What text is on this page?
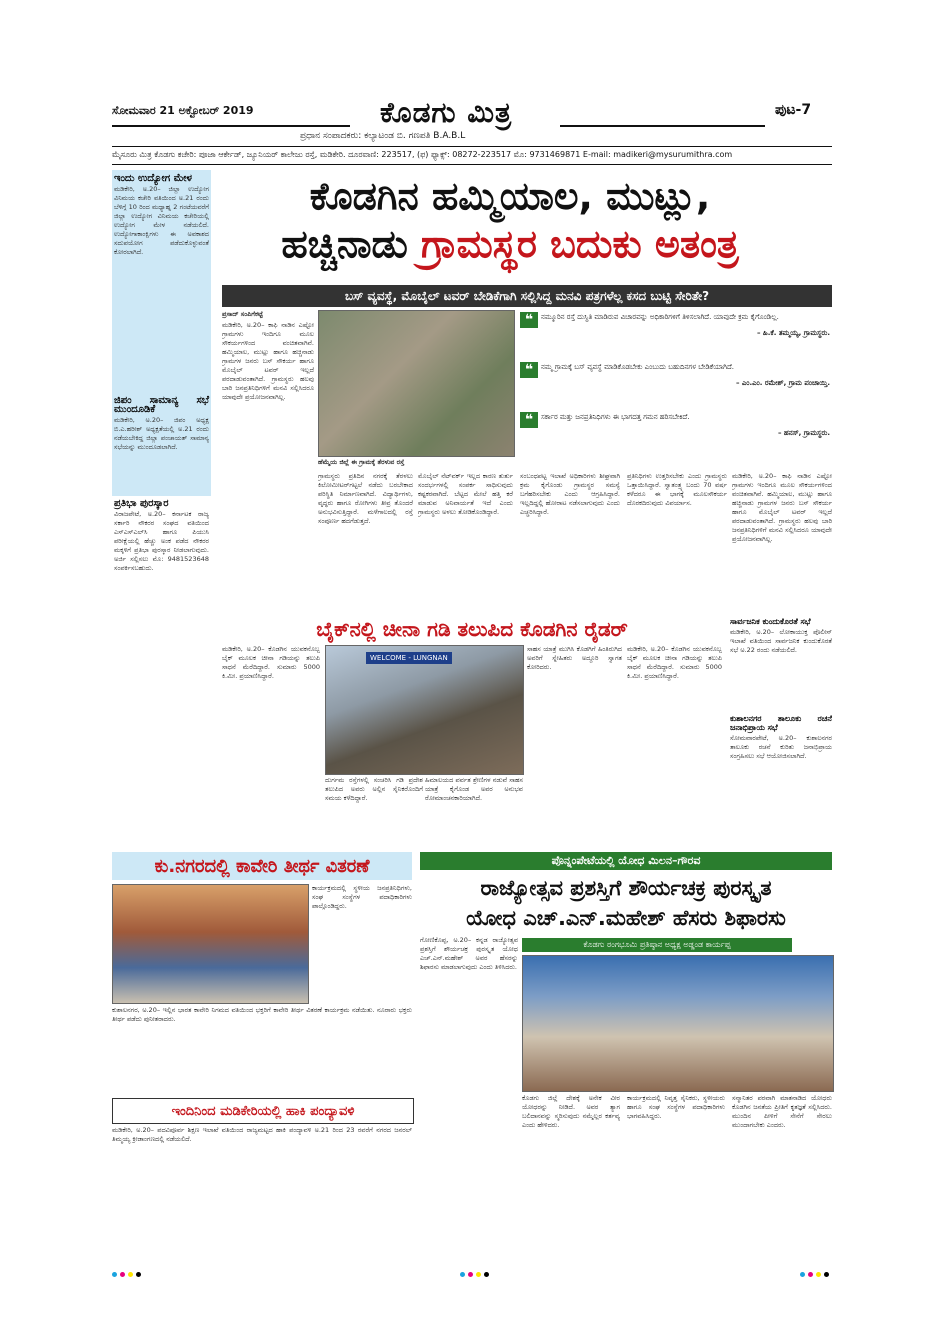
ಸೋಮವಾರ 21 ಅಕ್ಟೋಬರ್ 2019	ಕೊಡಗು ಮಿತ್ರ
ಪ್ರಧಾನ ಸಂಪಾದಕರು: ಕಲ್ಯಾಟಂಡ ಬಿ. ಗಣಪತಿ B.A.B.L
ಪುಟ-7
ಮೈಸೂರು ಮಿತ್ರ ಕೊಡಗು ಕಚೇರಿ: ಪೂಜಾ ಆರ್ಕೇಡ್, ಜ್ಯೂನಿಯರ್ ಕಾಲೇಜು ರಸ್ತೆ, ಮಡಿಕೇರಿ. ದೂರವಾಣಿ: 223517, (ಫ) ಫ್ಯಾಕ್ಸ್: 08272-223517 ಮೊ: 9731469871 E-mail: madikeri@mysurumithra.com
ಇಂದು ಉದ್ಯೋಗ ಮೇಳ

ಮಡಿಕೇರಿ, ಅ.20– ಜಿಲ್ಲಾ ಉದ್ಯೋಗ ವಿನಿಮಯ ಕಚೇರಿ ವತಿಯಿಂದ ಅ.21 ರಂದು ಬೆಳಿಗ್ಗೆ 10 ರಿಂದ ಮಧ್ಯಾಹ್ನ 2 ಗಂಟೆಯವರೆಗೆ ಜಿಲ್ಲಾ ಉದ್ಯೋಗ ವಿನಿಮಯ ಕಚೇರಿಯಲ್ಲಿ ಉದ್ಯೋಗ ಮೇಳ ನಡೆಯಲಿದೆ. ಉದ್ಯೋಗಾಕಾಂಕ್ಷಿಗಳು ಈ ಅವಕಾಶದ ಸದುಪಯೋಗ ಪಡೆದುಕೊಳ್ಳುವಂತೆ ಕೋರಲಾಗಿದೆ.

ಜಿಪಂ ಸಾಮಾನ್ಯ ಸಭೆ ಮುಂದೂಡಿಕೆ

ಮಡಿಕೇರಿ, ಅ.20– ಜಿಪಂ ಅಧ್ಯಕ್ಷ ಬಿ.ಎ.ಹರೀಶ್ ಅಧ್ಯಕ್ಷತೆಯಲ್ಲಿ ಅ.21 ರಂದು ನಡೆಯಬೇಕಿದ್ದ ಜಿಲ್ಲಾ ಪಂಚಾಯತ್ ಸಾಮಾನ್ಯ ಸಭೆಯನ್ನು ಮುಂದೂಡಲಾಗಿದೆ.

ಪ್ರತಿಭಾ ಪುರಸ್ಕಾರ

ವಿರಾಜಪೇಟೆ, ಅ.20– ಕರ್ನಾಟಕ ರಾಜ್ಯ ಸರ್ಕಾರಿ ನೌಕರರ ಸಂಘದ ವತಿಯಿಂದ ಎಸ್ಎಸ್ಎಲ್‌ಸಿ ಹಾಗೂ ಪಿಯುಸಿ ಪರೀಕ್ಷೆಯಲ್ಲಿ ಹೆಚ್ಚು ಅಂಕ ಪಡೆದ ನೌಕರರ ಮಕ್ಕಳಿಗೆ ಪ್ರತಿಭಾ ಪುರಸ್ಕಾರ ನೀಡಲಾಗುವುದು. ಅರ್ಜಿ ಸಲ್ಲಿಸಲು ಮೊ: 9481523648 ಸಂಪರ್ಕಿಸಬಹುದು.

ಕೊಡಗಿನ ಹಮ್ಮಿಯಾಲ, ಮುಟ್ಲು,
ಹಚ್ಚಿನಾಡು ಗ್ರಾಮಸ್ಥರ ಬದುಕು ಅತಂತ್ರ
ಬಸ್ ವ್ಯವಸ್ಥೆ, ಮೊಬೈಲ್ ಟವರ್ ಬೇಡಿಕೆಗಾಗಿ ಸಲ್ಲಿಸಿದ್ದ ಮನವಿ ಪತ್ರಗಳೆಲ್ಲ ಕಸದ ಬುಟ್ಟಿ ಸೇರಿತೇ?

ಪ್ರಸಾದ್ ಸಂಪಿಗೆಕಟ್ಟೆ

ಮಡಿಕೇರಿ, ಅ.20– ಕಾಫಿ ನಾಡಿನ ಎಷ್ಟೋ ಗ್ರಾಮಗಳು ಇಂದಿಗೂ ಮೂಲ ಸೌಕರ್ಯಗಳಿಂದ ವಂಚಿತವಾಗಿವೆ. ಹಮ್ಮಿಯಾಲ, ಮುಟ್ಲು ಹಾಗೂ ಹಚ್ಚಿನಾಡು ಗ್ರಾಮಗಳ ಜನರು ಬಸ್ ಸೌಕರ್ಯ ಹಾಗೂ ಮೊಬೈಲ್ ಟವರ್ ಇಲ್ಲದೆ ಪರದಾಡುವಂತಾಗಿದೆ. ಗ್ರಾಮಸ್ಥರು ಹಲವು ಬಾರಿ ಜನಪ್ರತಿನಿಧಿಗಳಿಗೆ ಮನವಿ ಸಲ್ಲಿಸಿದರೂ ಯಾವುದೇ ಪ್ರಯೋಜನವಾಗಿಲ್ಲ.

ಹೆಮ್ಮೆಯ ಜಿಲ್ಲೆ ಈ ಗ್ರಾಮಕ್ಕೆ ತೆರಳುವ ರಸ್ತೆ
❝ ನಮ್ಮೂರಿನ ರಸ್ತೆ ದುಸ್ಥಿತಿ ಮಾಡಿರುವ ವಿಚಾರವನ್ನು ಅಧಿಕಾರಿಗಳಿಗೆ ತಿಳಿಸಲಾಗಿದೆ. ಯಾವುದೇ ಕ್ರಮ ಕೈಗೊಂಡಿಲ್ಲ.
– ಹಿ.ಕೆ. ತಮ್ಮಯ್ಯ, ಗ್ರಾಮಸ್ಥರು.
❝ ನಮ್ಮ ಗ್ರಾಮಕ್ಕೆ ಬಸ್ ವ್ಯವಸ್ಥೆ ಮಾಡಿಕೊಡಬೇಕು ಎಂಬುದು ಬಹುದಿನಗಳ ಬೇಡಿಕೆಯಾಗಿದೆ.
– ಎಂ.ಎಂ. ರಮೇಶ್, ಗ್ರಾಮ ಪಂಚಾಯ್ತಿ.
❝ ಸರ್ಕಾರ ಮತ್ತು ಜನಪ್ರತಿನಿಧಿಗಳು ಈ ಭಾಗದತ್ತ ಗಮನ ಹರಿಸಬೇಕಿದೆ.
– ಹನಸ್, ಗ್ರಾಮಸ್ಥರು.
ಗ್ರಾಮಸ್ಥರು ಪ್ರತಿದಿನ ನಗರಕ್ಕೆ ತೆರಳಲು ಕಿಲೋಮೀಟರ್‌ಗಟ್ಟಲೆ ನಡೆದು ಬರಬೇಕಾದ ಪರಿಸ್ಥಿತಿ ನಿರ್ಮಾಣವಾಗಿದೆ. ವಿದ್ಯಾರ್ಥಿಗಳು, ವೃದ್ಧರು ಹಾಗೂ ರೋಗಿಗಳು ತೀವ್ರ ತೊಂದರೆ ಅನುಭವಿಸುತ್ತಿದ್ದಾರೆ. ಮಳೆಗಾಲದಲ್ಲಿ ರಸ್ತೆ ಸಂಪೂರ್ಣ ಹದಗೆಡುತ್ತದೆ.
ಮೊಬೈಲ್ ನೆಟ್‌ವರ್ಕ್ ಇಲ್ಲದ ಕಾರಣ ತುರ್ತು ಸಂದರ್ಭಗಳಲ್ಲಿ ಸಂಪರ್ಕ ಸಾಧಿಸುವುದು ಕಷ್ಟಕರವಾಗಿದೆ. ಬೆಟ್ಟದ ಮೇಲೆ ಹತ್ತಿ ಕರೆ ಮಾಡುವ ಅನಿವಾರ್ಯತೆ ಇದೆ ಎಂದು ಗ್ರಾಮಸ್ಥರು ಅಳಲು ತೋಡಿಕೊಂಡಿದ್ದಾರೆ.
ಸಂಬಂಧಪಟ್ಟ ಇಲಾಖೆ ಅಧಿಕಾರಿಗಳು ಶೀಘ್ರವಾಗಿ ಕ್ರಮ ಕೈಗೊಂಡು ಗ್ರಾಮಸ್ಥರ ಸಮಸ್ಯೆ ಬಗೆಹರಿಸಬೇಕು ಎಂದು ಆಗ್ರಹಿಸಿದ್ದಾರೆ. ಇಲ್ಲದಿದ್ದಲ್ಲಿ ಹೋರಾಟ ನಡೆಸಲಾಗುವುದು ಎಂದು ಎಚ್ಚರಿಸಿದ್ದಾರೆ.
ಪ್ರತಿನಿಧಿಗಳು ಉತ್ತರಿಸಬೇಕು ಎಂದು ಗ್ರಾಮಸ್ಥರು ಒತ್ತಾಯಿಸಿದ್ದಾರೆ. ಸ್ವಾತಂತ್ರ್ಯ ಬಂದು 70 ವರ್ಷ ಕಳೆದರೂ ಈ ಭಾಗಕ್ಕೆ ಮೂಲಸೌಕರ್ಯ ದೊರಕದಿರುವುದು ವಿಪರ್ಯಾಸ.
ಮಡಿಕೇರಿ, ಅ.20– ಕಾಫಿ ನಾಡಿನ ಎಷ್ಟೋ ಗ್ರಾಮಗಳು ಇಂದಿಗೂ ಮೂಲ ಸೌಕರ್ಯಗಳಿಂದ ವಂಚಿತವಾಗಿವೆ. ಹಮ್ಮಿಯಾಲ, ಮುಟ್ಲು ಹಾಗೂ ಹಚ್ಚಿನಾಡು ಗ್ರಾಮಗಳ ಜನರು ಬಸ್ ಸೌಕರ್ಯ ಹಾಗೂ ಮೊಬೈಲ್ ಟವರ್ ಇಲ್ಲದೆ ಪರದಾಡುವಂತಾಗಿದೆ. ಗ್ರಾಮಸ್ಥರು ಹಲವು ಬಾರಿ ಜನಪ್ರತಿನಿಧಿಗಳಿಗೆ ಮನವಿ ಸಲ್ಲಿಸಿದರೂ ಯಾವುದೇ ಪ್ರಯೋಜನವಾಗಿಲ್ಲ.
ಬೈಕ್‌ನಲ್ಲಿ ಚೀನಾ ಗಡಿ ತಲುಪಿದ ಕೊಡಗಿನ ರೈಡರ್
ಮಡಿಕೇರಿ, ಅ.20– ಕೊಡಗಿನ ಯುವಕನೊಬ್ಬ ಬೈಕ್ ಮೂಲಕ ಚೀನಾ ಗಡಿಯನ್ನು ತಲುಪಿ ಸಾಧನೆ ಮೆರೆದಿದ್ದಾರೆ. ಸುಮಾರು 5000 ಕಿ.ಮೀ. ಪ್ರಯಾಣಿಸಿದ್ದಾರೆ.
WELCOME - LUNGNAN
ದುರ್ಗಮ ರಸ್ತೆಗಳಲ್ಲಿ ಸಂಚರಿಸಿ ಗಡಿ ಪ್ರದೇಶ ತಲುಪಿದ ಅವರು ಅಲ್ಲಿನ ಸೈನಿಕರೊಂದಿಗೆ ಸಮಯ ಕಳೆದಿದ್ದಾರೆ.
ಹಿಮಾಲಯದ ಪರ್ವತ ಶ್ರೇಣಿಗಳ ನಡುವೆ ಸಾಹಸ ಯಾತ್ರೆ ಕೈಗೊಂಡ ಅವರ ಅನುಭವ ರೋಮಾಂಚನಕಾರಿಯಾಗಿದೆ.
ಸಾಹಸ ಯಾತ್ರೆ ಮುಗಿಸಿ ಕೊಡಗಿಗೆ ಹಿಂತಿರುಗಿದ ಅವರಿಗೆ ಸ್ನೇಹಿತರು ಅದ್ದೂರಿ ಸ್ವಾಗತ ಕೋರಿದರು.
ಮಡಿಕೇರಿ, ಅ.20– ಕೊಡಗಿನ ಯುವಕನೊಬ್ಬ ಬೈಕ್ ಮೂಲಕ ಚೀನಾ ಗಡಿಯನ್ನು ತಲುಪಿ ಸಾಧನೆ ಮೆರೆದಿದ್ದಾರೆ. ಸುಮಾರು 5000 ಕಿ.ಮೀ. ಪ್ರಯಾಣಿಸಿದ್ದಾರೆ.
ಸಾರ್ವಜನಿಕ ಕುಂದುಕೊರತೆ ಸಭೆ

ಮಡಿಕೇರಿ, ಅ.20– ಲೋಕಾಯುಕ್ತ ಪೊಲೀಸ್ ಇಲಾಖೆ ವತಿಯಿಂದ ಸಾರ್ವಜನಿಕ ಕುಂದುಕೊರತೆ ಸಭೆ ಅ.22 ರಂದು ನಡೆಯಲಿದೆ.

ಕುಶಾಲನಗರ ತಾಲೂಕು ರಚನೆ ಜನಾಭಿಪ್ರಾಯ ಸಭೆ

ಸೋಮವಾರಪೇಟೆ, ಅ.20– ಕುಶಾಲನಗರ ತಾಲೂಕು ರಚನೆ ಕುರಿತು ಜನಾಭಿಪ್ರಾಯ ಸಂಗ್ರಹಿಸಲು ಸಭೆ ಆಯೋಜಿಸಲಾಗಿದೆ.

ಕು.ನಗರದಲ್ಲಿ ಕಾವೇರಿ ತೀರ್ಥ ವಿತರಣೆ
ಕಾರ್ಯಕ್ರಮದಲ್ಲಿ ಸ್ಥಳೀಯ ಜನಪ್ರತಿನಿಧಿಗಳು, ಸಂಘ ಸಂಸ್ಥೆಗಳ ಪದಾಧಿಕಾರಿಗಳು ಪಾಲ್ಗೊಂಡಿದ್ದರು.
ಕುಶಾಲನಗರ, ಅ.20– ಇಲ್ಲಿನ ಭಾರತ ಕಾವೇರಿ ನಿಗಮದ ವತಿಯಿಂದ ಭಕ್ತರಿಗೆ ಕಾವೇರಿ ತೀರ್ಥ ವಿತರಣೆ ಕಾರ್ಯಕ್ರಮ ನಡೆಯಿತು. ನೂರಾರು ಭಕ್ತರು ತೀರ್ಥ ಪಡೆದು ಪುನೀತರಾದರು.
ಇಂದಿನಿಂದ ಮಡಿಕೇರಿಯಲ್ಲಿ ಹಾಕಿ ಪಂದ್ಯಾವಳಿ
ಮಡಿಕೇರಿ, ಅ.20– ಪದವಿಪೂರ್ವ ಶಿಕ್ಷಣ ಇಲಾಖೆ ವತಿಯಿಂದ ರಾಜ್ಯಮಟ್ಟದ ಹಾಕಿ ಪಂದ್ಯಾವಳಿ ಅ.21 ರಿಂದ 23 ರವರೆಗೆ ನಗರದ ಜನರಲ್ ತಿಮ್ಮಯ್ಯ ಕ್ರೀಡಾಂಗಣದಲ್ಲಿ ನಡೆಯಲಿದೆ.
ಪೊನ್ನಂಪೇಟೆಯಲ್ಲಿ ಯೋಧ ಮಿಲನ–ಗೌರವ
ರಾಜ್ಯೋತ್ಸವ ಪ್ರಶಸ್ತಿಗೆ ಶೌರ್ಯಚಕ್ರ ಪುರಸ್ಕೃತ
ಯೋಧ ಎಚ್.ಎನ್.ಮಹೇಶ್ ಹೆಸರು ಶಿಫಾರಸು
ಗೋಣಿಕೊಪ್ಪ, ಅ.20– ಕನ್ನಡ ರಾಜ್ಯೋತ್ಸವ ಪ್ರಶಸ್ತಿಗೆ ಶೌರ್ಯಚಕ್ರ ಪುರಸ್ಕೃತ ಯೋಧ ಎಚ್.ಎನ್.ಮಹೇಶ್ ಅವರ ಹೆಸರನ್ನು ಶಿಫಾರಸು ಮಾಡಲಾಗುವುದು ಎಂದು ತಿಳಿಸಿದರು.
ಕೊಡಗು ರಂಗಭೂಮಿ ಪ್ರತಿಷ್ಠಾನ ಅಧ್ಯಕ್ಷ ಅಡ್ಡಂಡ ಕಾರ್ಯಪ್ಪ
ಕೊಡಗು ಜಿಲ್ಲೆ ದೇಶಕ್ಕೆ ಅನೇಕ ವೀರ ಯೋಧರನ್ನು ನೀಡಿದೆ. ಅವರ ತ್ಯಾಗ ಬಲಿದಾನವನ್ನು ಸ್ಮರಿಸುವುದು ನಮ್ಮೆಲ್ಲರ ಕರ್ತವ್ಯ ಎಂದು ಹೇಳಿದರು.
ಕಾರ್ಯಕ್ರಮದಲ್ಲಿ ನಿವೃತ್ತ ಸೈನಿಕರು, ಸ್ಥಳೀಯರು ಹಾಗೂ ಸಂಘ ಸಂಸ್ಥೆಗಳ ಪದಾಧಿಕಾರಿಗಳು ಭಾಗವಹಿಸಿದ್ದರು.
ಸನ್ಮಾನಿತರ ಪರವಾಗಿ ಮಾತನಾಡಿದ ಯೋಧರು ಕೊಡಗಿನ ಜನತೆಯ ಪ್ರೀತಿಗೆ ಕೃತಜ್ಞತೆ ಸಲ್ಲಿಸಿದರು. ಮುಂದಿನ ಪೀಳಿಗೆ ಸೇನೆಗೆ ಸೇರಲು ಮುಂದಾಗಬೇಕು ಎಂದರು.
